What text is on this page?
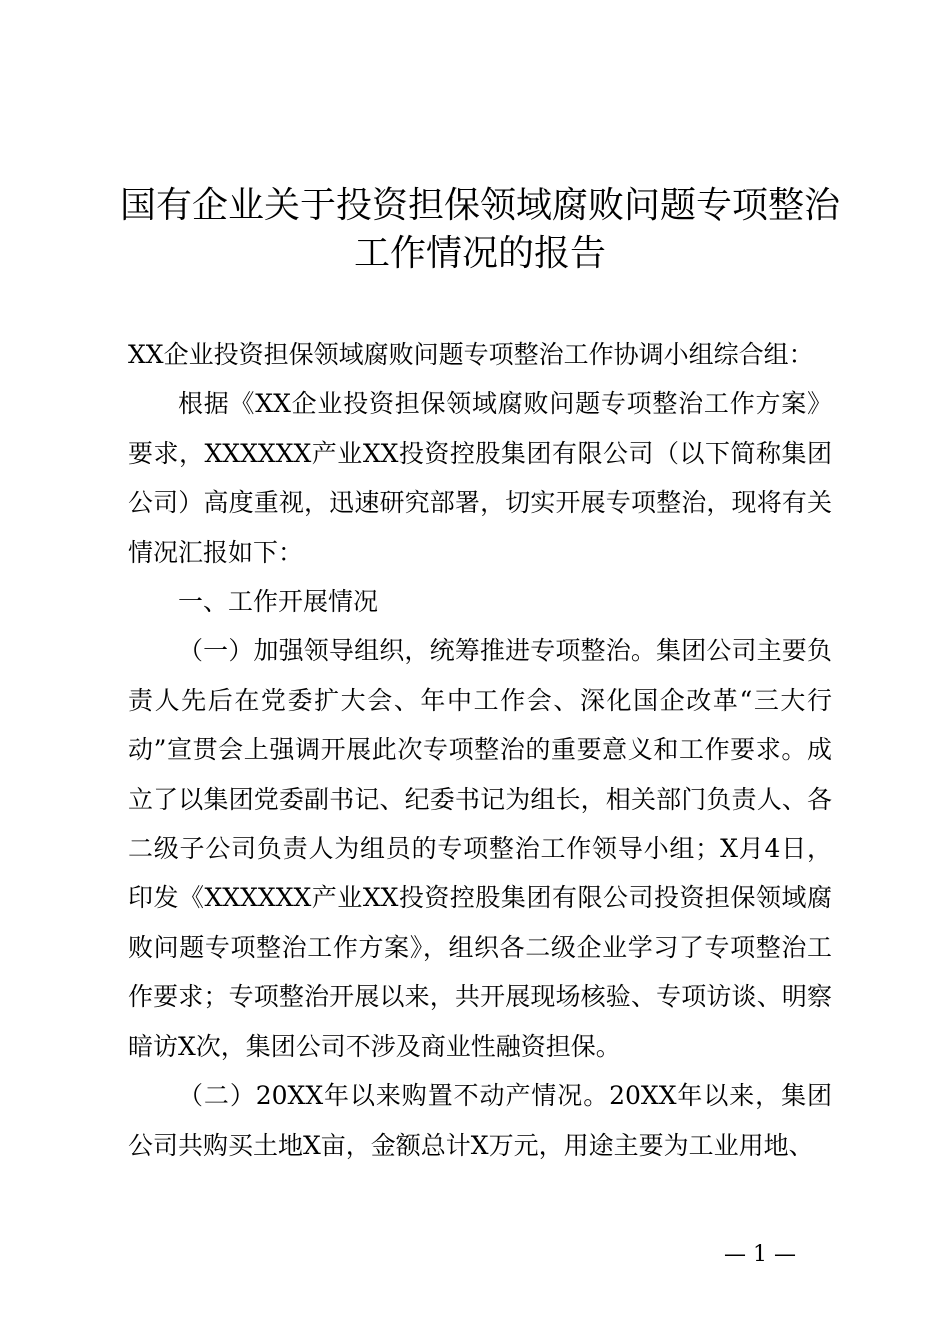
国有企业关于投资担保领域腐败问题专项整治
工作情况的报告

XX企业投资担保领域腐败问题专项整治工作协调小组综合组：

根据《XX企业投资担保领域腐败问题专项整治工作方案》要求，XXXXXX产业XX投资控股集团有限公司（以下简称集团公司）高度重视，迅速研究部署，切实开展专项整治，现将有关情况汇报如下：

一、工作开展情况

（一）加强领导组织，统筹推进专项整治。集团公司主要负责人先后在党委扩大会、年中工作会、深化国企改革“三大行动”宣贯会上强调开展此次专项整治的重要意义和工作要求。成立了以集团党委副书记、纪委书记为组长，相关部门负责人、各二级子公司负责人为组员的专项整治工作领导小组；X月4日，印发《XXXXXX产业XX投资控股集团有限公司投资担保领域腐败问题专项整治工作方案》，组织各二级企业学习了专项整治工作要求；专项整治开展以来，共开展现场核验、专项访谈、明察暗访X次，集团公司不涉及商业性融资担保。

（二）20XX年以来购置不动产情况。20XX年以来，集团公司共购买土地X亩，金额总计X万元，用途主要为工业用地、

— 1 —
